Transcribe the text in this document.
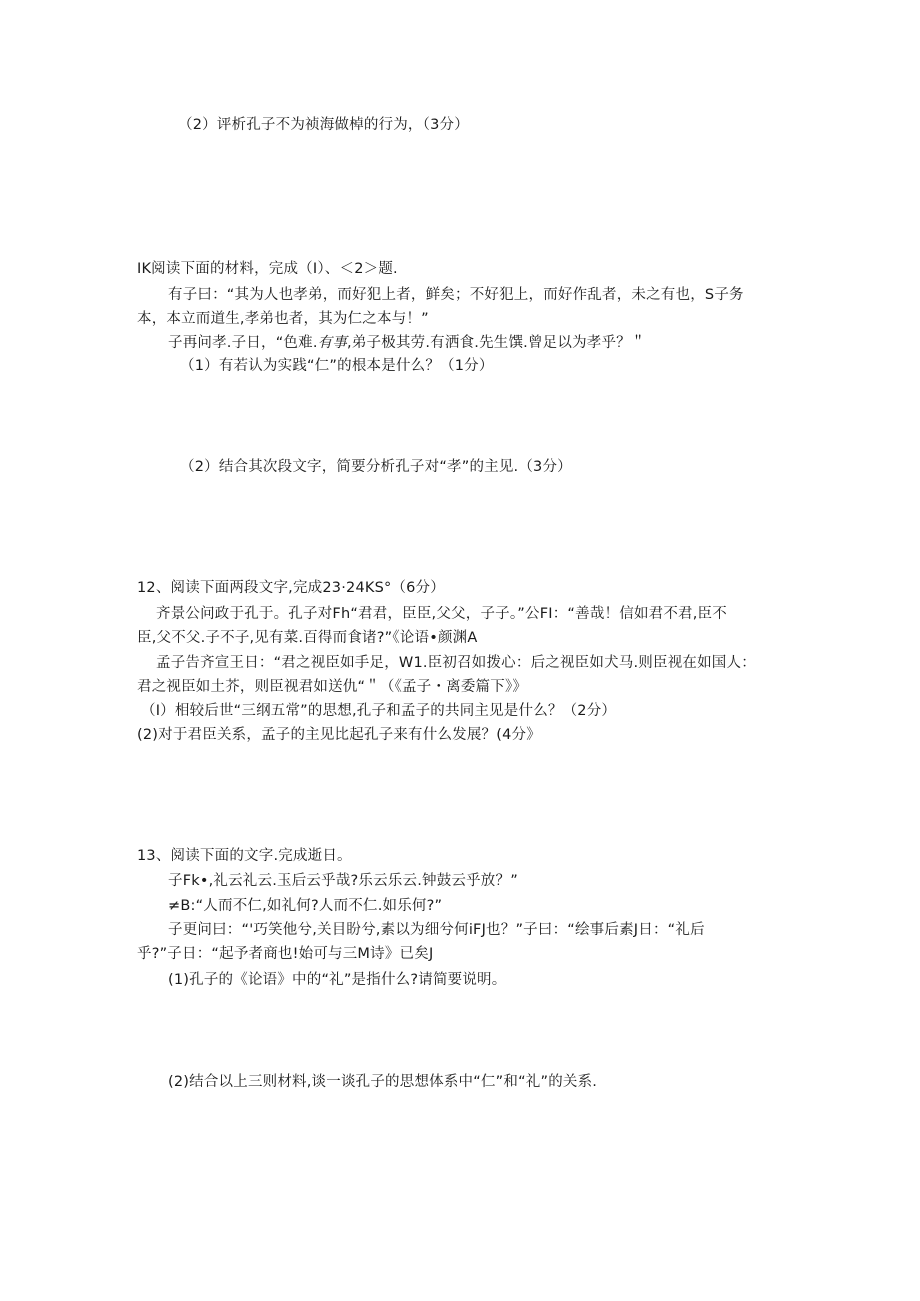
（2）评析孔子不为祯海做棹的行为，（3分）
IK阅读下面的材料，完成（I）、＜2＞题.
有子曰：“其为人也孝弟，而好犯上者，鲜矣；不好犯上，而好作乱者，未之有也，S子务
本，本立而道生,孝弟也者，其为仁之本与！”
子再问孝.子日，“色难.有事,弟子极其劳.有洒食.先生馔.曾足以为孝乎？＂
（1）有若认为实践“仁”的根本是什么？（1分）
（2）结合其次段文字，简要分析孔子对“孝”的主见.（3分）
12、阅读下面两段文字,完成23·24KS°（6分）
齐景公问政于孔于。孔子对Fh“君君，臣臣,父父，子子。”公FI：“善哉！信如君不君,臣不
臣,父不父.子不子,见有菜.百得而食诸?”《论语•颜渊A
孟子告齐宣王日：“君之视臣如手足，W1.臣初召如拨心：后之视臣如犬马.则臣视在如国人：
君之视臣如土芥，则臣视君如送仇“＂（《孟子・离委篇下》》
（I）相较后世“三纲五常”的思想,孔子和孟子的共同主见是什么？（2分）
(2)对于君臣关系，孟子的主见比起孔子来有什么发展？(4分》
13、阅读下面的文字.完成逝日。
子Fk•,礼云礼云.玉后云乎哉?乐云乐云.钟鼓云乎放？”
≠B:“人而不仁,如礼何?人而不仁.如乐何?”
子更问曰：“'巧笑他兮,关目盼兮,素以为细兮何iFJ也？”子曰：“绘事后素J日：“礼后
乎?”子日：“起予者商也!始可与三M诗》已矣J
(1)孔子的《论语》中的“礼”是指什么?请简要说明。
(2)结合以上三则材料,谈一谈孔子的思想体系中“仁”和“礼”的关系.
